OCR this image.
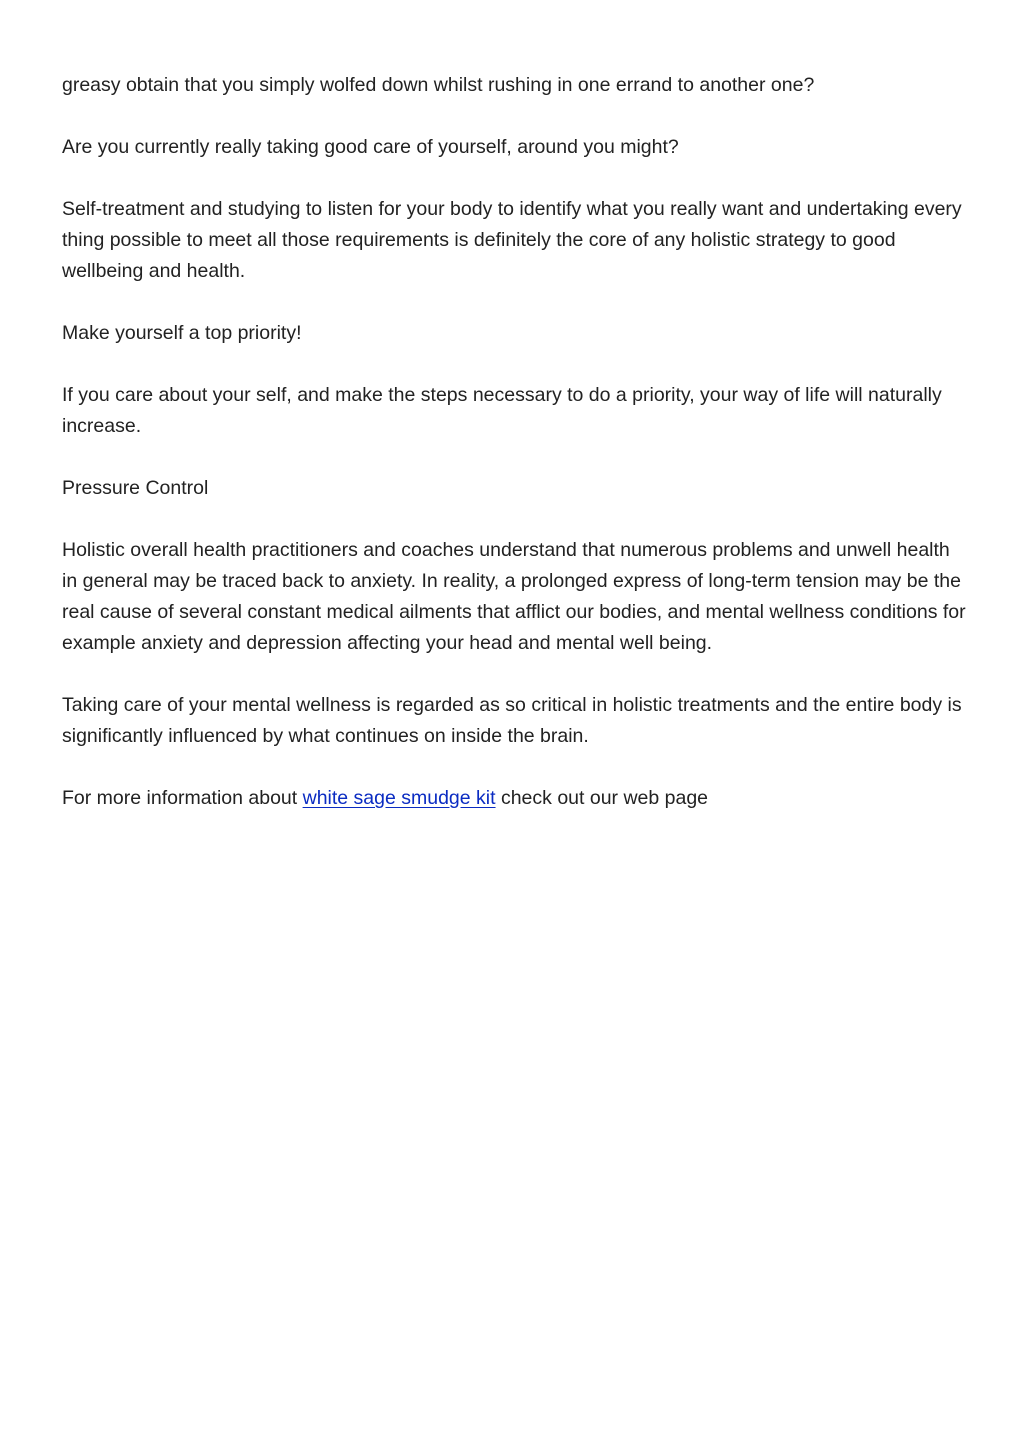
greasy obtain that you simply wolfed down whilst rushing in one errand to another one?

Are you currently really taking good care of yourself, around you might?

Self-treatment and studying to listen for your body to identify what you really want and undertaking every thing possible to meet all those requirements is definitely the core of any holistic strategy to good wellbeing and health.

Make yourself a top priority!

If you care about your self, and make the steps necessary to do a priority, your way of life will naturally increase.

Pressure Control

Holistic overall health practitioners and coaches understand that numerous problems and unwell health in general may be traced back to anxiety. In reality, a prolonged express of long-term tension may be the real cause of several constant medical ailments that afflict our bodies, and mental wellness conditions for example anxiety and depression affecting your head and mental well being.

Taking care of your mental wellness is regarded as so critical in holistic treatments and the entire body is significantly influenced by what continues on inside the brain.

For more information about white sage smudge kit check out our web page
